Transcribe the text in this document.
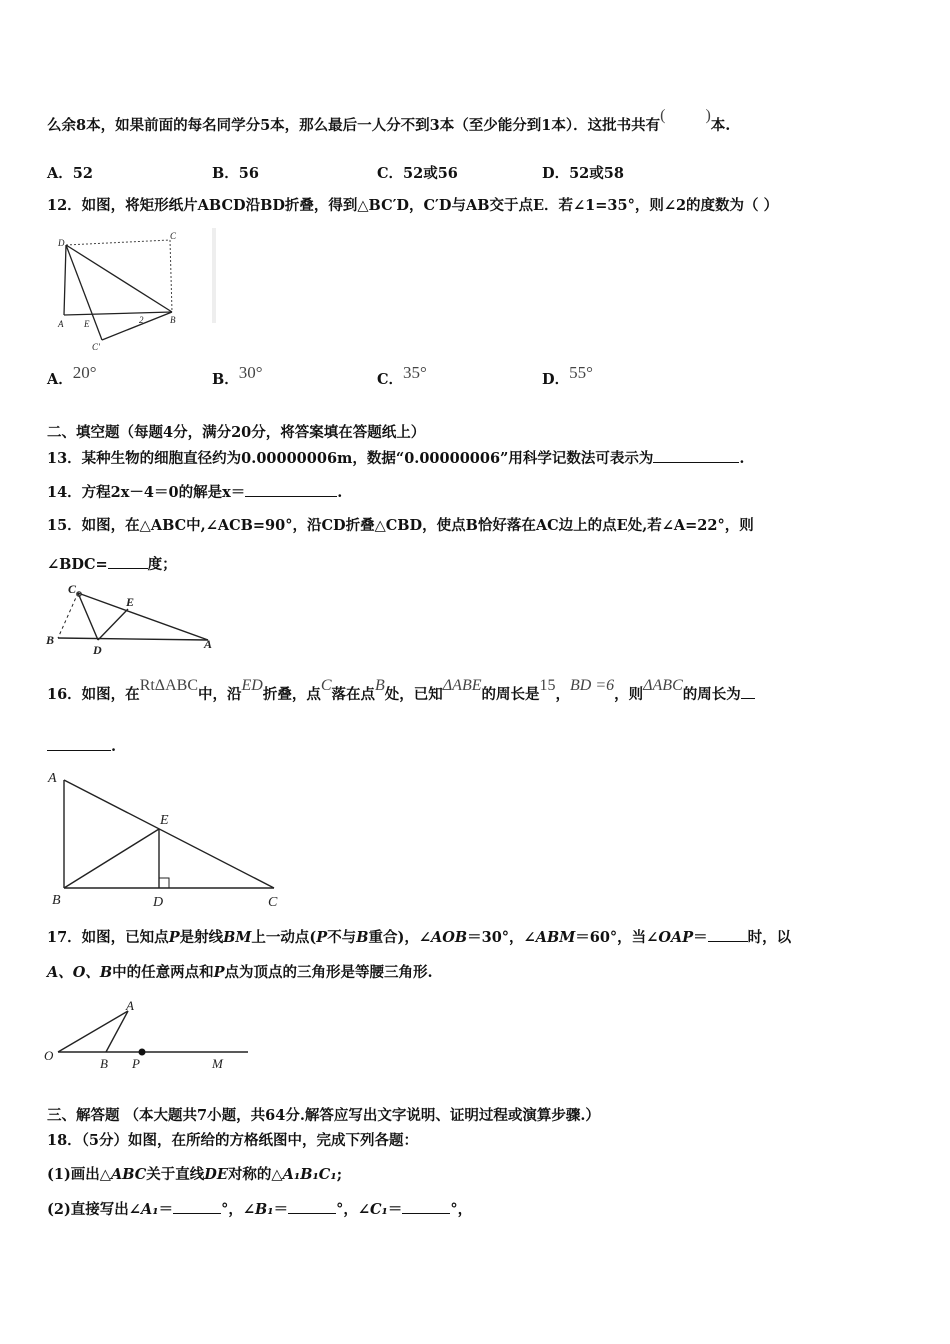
么余8本，如果前面的每名同学分5本，那么最后一人分不到3本（至少能分到1本）．这批书共有(	)本.
A．52	B．56	C．52或56	D．52或58
12．如图，将矩形纸片ABCD沿BD折叠，得到△BC′D，C′D与AB交于点E．若∠1=35°，则∠2的度数为（ ）
D
C
A E	2	B
C'
A．20°	B．30°	C．35°	D．55°
二、填空题（每题4分，满分20分，将答案填在答题纸上）
13．某种生物的细胞直径约为0.00000006m，数据“0.00000006”用科学记数法可表示为	.
14．方程2x－4＝0的解是x＝	.
15．如图，在△ABC中,∠ACB=90°，沿CD折叠△CBD，使点B恰好落在AC边上的点E处,若∠A=22°，则
∠BDC=	度；
C
E
B
D	A
16．如图，在RtΔABC中，沿ED折叠，点C落在点B处，已知ΔABE的周长是15，BD =6，则ΔABC的周长为
.
A
E
B	D	C
17．如图，已知点P是射线BM上一动点(P不与B重合)，∠AOB＝30°，∠ABM＝60°，当∠OAP＝	时，以
A、O、B中的任意两点和P点为顶点的三角形是等腰三角形.
A
O
B P	M
三、解答题 （本大题共7小题，共64分.解答应写出文字说明、证明过程或演算步骤.）
18．（5分）如图，在所给的方格纸图中，完成下列各题：
(1)画出△ABC关于直线DE对称的△A₁B₁C₁;
(2)直接写出∠A₁＝	°，∠B₁＝	°，∠C₁＝	°，
